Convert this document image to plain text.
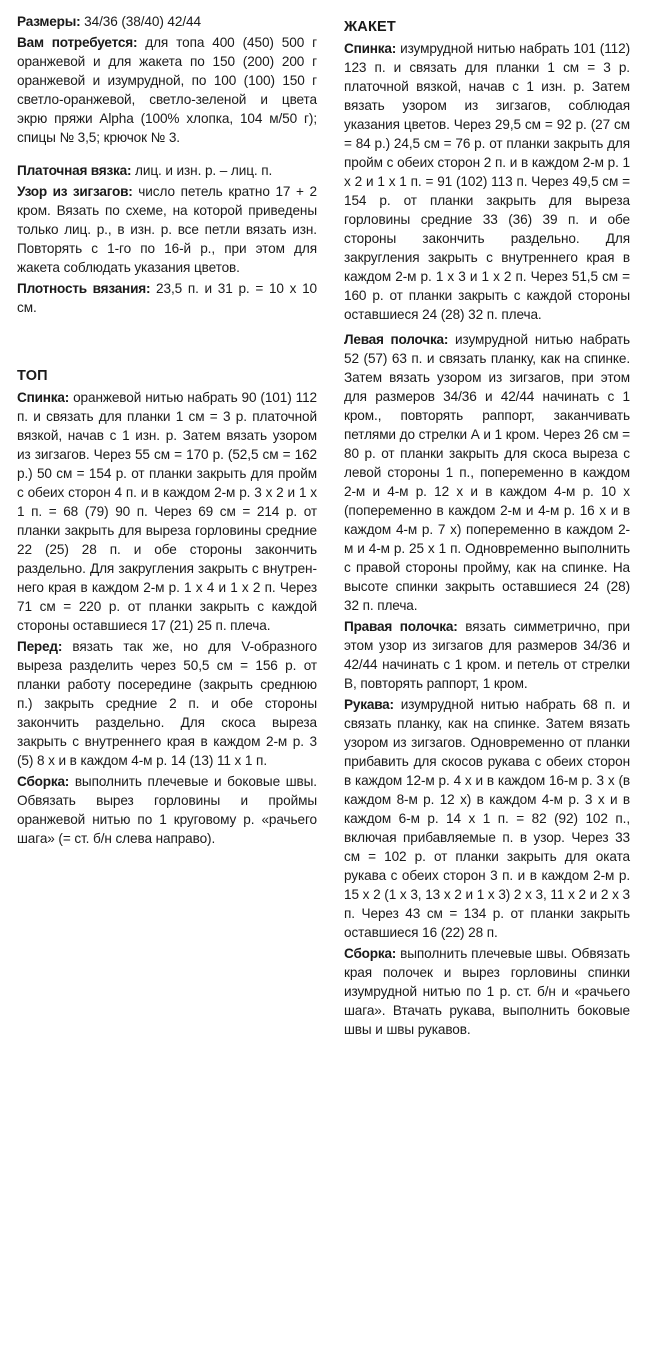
Размеры: 34/36 (38/40) 42/44

Вам потребуется: для топа 400 (450) 500 г оранжевой и для жакета по 150 (200) 200 г оранжевой и изумрудной, по 100 (100) 150 г светло-оранжевой, светло-зеленой и цвета экрю пряжи Alpha (100% хлопка, 104 м/50 г); спицы № 3,5; крючок № 3.

Платочная вязка: лиц. и изн. р. – лиц. п.

Узор из зигзагов: число петель кратно 17 + 2 кром. Вязать по схеме, на которой приведены только лиц. р., в изн. р. все петли вязать изн. Повторять с 1-го по 16-й р., при этом для жакета соблюдать указания цветов.

Плотность вязания: 23,5 п. и 31 р. = 10 х 10 см.

ТОП

Спинка: оранжевой нитью набрать 90 (101) 112 п. и связать для планки 1 см = 3 р. платочной вязкой, начав с 1 изн. р. Затем вязать узором из зигзагов. Через 55 см = 170 р. (52,5 см = 162 р.) 50 см = 154 р. от планки закрыть для пройм с обеих сторон 4 п. и в каждом 2-м р. 3 х 2 и 1 х 1 п. = 68 (79) 90 п. Через 69 см = 214 р. от планки закрыть для выреза горловины средние 22 (25) 28 п. и обе стороны закончить раздельно. Для закругления закрыть с внутреннего края в каждом 2-м р. 1 х 4 и 1 х 2 п. Через 71 см = 220 р. от планки закрыть с каждой стороны оставшиеся 17 (21) 25 п. плеча.

Перед: вязать так же, но для V-образного выреза разделить через 50,5 см = 156 р. от планки работу посередине (закрыть среднюю п.) закрыть средние 2 п. и обе стороны закончить раздельно. Для скоса выреза закрыть с внутреннего края в каждом 2-м р. 3 (5) 8 х и в каждом 4-м р. 14 (13) 11 х 1 п.

Сборка: выполнить плечевые и боковые швы. Обвязать вырез горловины и проймы оранжевой нитью по 1 круговому р. «рачьего шага» (= ст. б/н слева направо).

ЖАКЕТ

Спинка: изумрудной нитью набрать 101 (112) 123 п. и связать для планки 1 см = 3 р. платочной вязкой, начав с 1 изн. р. Затем вязать узором из зигзагов, соблюдая указания цветов. Через 29,5 см = 92 р. (27 см = 84 р.) 24,5 см = 76 р. от планки закрыть для пройм с обеих сторон 2 п. и в каждом 2-м р. 1 х 2 и 1 х 1 п. = 91 (102) 113 п. Через 49,5 см = 154 р. от планки закрыть для выреза горловины средние 33 (36) 39 п. и обе стороны закончить раздельно. Для закругления закрыть с внутреннего края в каждом 2-м р. 1 х 3 и 1 х 2 п. Через 51,5 см = 160 р. от планки закрыть с каждой стороны оставшиеся 24 (28) 32 п. плеча.

Левая полочка: изумрудной нитью набрать 52 (57) 63 п. и связать планку, как на спинке. Затем вязать узором из зигзагов, при этом для размеров 34/36 и 42/44 начинать с 1 кром., повторять раппорт, заканчивать петлями до стрелки А и 1 кром. Через 26 см = 80 р. от планки закрыть для скоса выреза с левой стороны 1 п., попеременно в каждом 2-м и 4-м р. 12 х и в каждом 4-м р. 10 х (попеременно в каждом 2-м и 4-м р. 16 х и в каждом 4-м р. 7 х) попеременно в каждом 2-м и 4-м р. 25 х 1 п. Одновременно выполнить с правой стороны пройму, как на спинке. На высоте спинки закрыть оставшиеся 24 (28) 32 п. плеча.

Правая полочка: вязать симметрично, при этом узор из зигзагов для размеров 34/36 и 42/44 начинать с 1 кром. и петель от стрелки В, повторять раппорт, 1 кром.

Рукава: изумрудной нитью набрать 68 п. и связать планку, как на спинке. Затем вязать узором из зигзагов. Одновременно от планки прибавить для скосов рукава с обеих сторон в каждом 12-м р. 4 х и в каждом 16-м р. 3 х (в каждом 8-м р. 12 х) в каждом 4-м р. 3 х и в каждом 6-м р. 14 х 1 п. = 82 (92) 102 п., включая прибавляемые п. в узор. Через 33 см = 102 р. от планки закрыть для оката рукава с обеих сторон 3 п. и в каждом 2-м р. 15 х 2 (1 х 3, 13 х 2 и 1 х 3) 2 х 3, 11 х 2 и 2 х 3 п. Через 43 см = 134 р. от планки закрыть оставшиеся 16 (22) 28 п.

Сборка: выполнить плечевые швы. Обвязать края полочек и вырез горловины спинки изумрудной нитью по 1 р. ст. б/н и «рачьего шага». Втачать рукава, выполнить боковые швы и швы рукавов.
